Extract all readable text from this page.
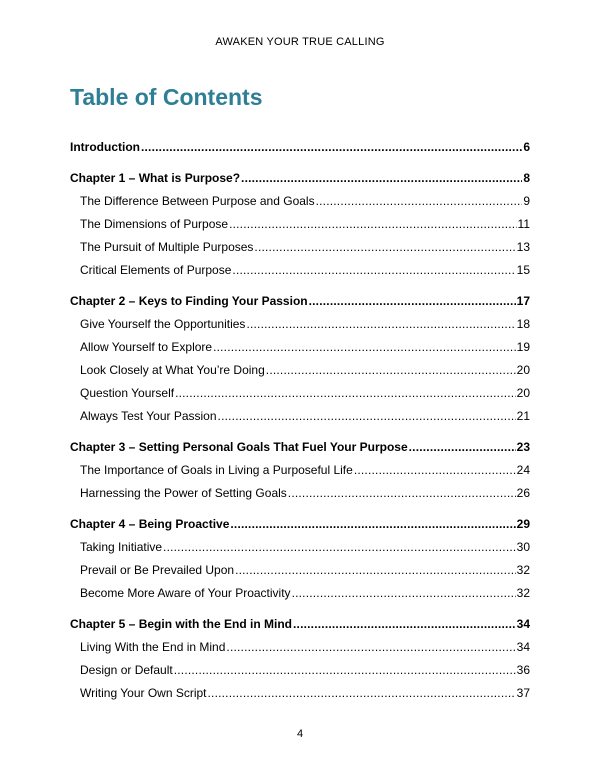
AWAKEN YOUR TRUE CALLING
Table of Contents
Introduction .....	6
Chapter 1 – What is Purpose? .....	8
The Difference Between Purpose and Goals .....	9
The Dimensions of Purpose .....	11
The Pursuit of Multiple Purposes .....	13
Critical Elements of Purpose .....	15
Chapter 2 – Keys to Finding Your Passion .....	17
Give Yourself the Opportunities .....	18
Allow Yourself to Explore .....	19
Look Closely at What You’re Doing .....	20
Question Yourself .....	20
Always Test Your Passion .....	21
Chapter 3 – Setting Personal Goals That Fuel Your Purpose .....	23
The Importance of Goals in Living a Purposeful Life .....	24
Harnessing the Power of Setting Goals .....	26
Chapter 4 – Being Proactive .....	29
Taking Initiative .....	30
Prevail or Be Prevailed Upon .....	32
Become More Aware of Your Proactivity .....	32
Chapter 5 – Begin with the End in Mind .....	34
Living With the End in Mind .....	34
Design or Default .....	36
Writing Your Own Script .....	37
4
